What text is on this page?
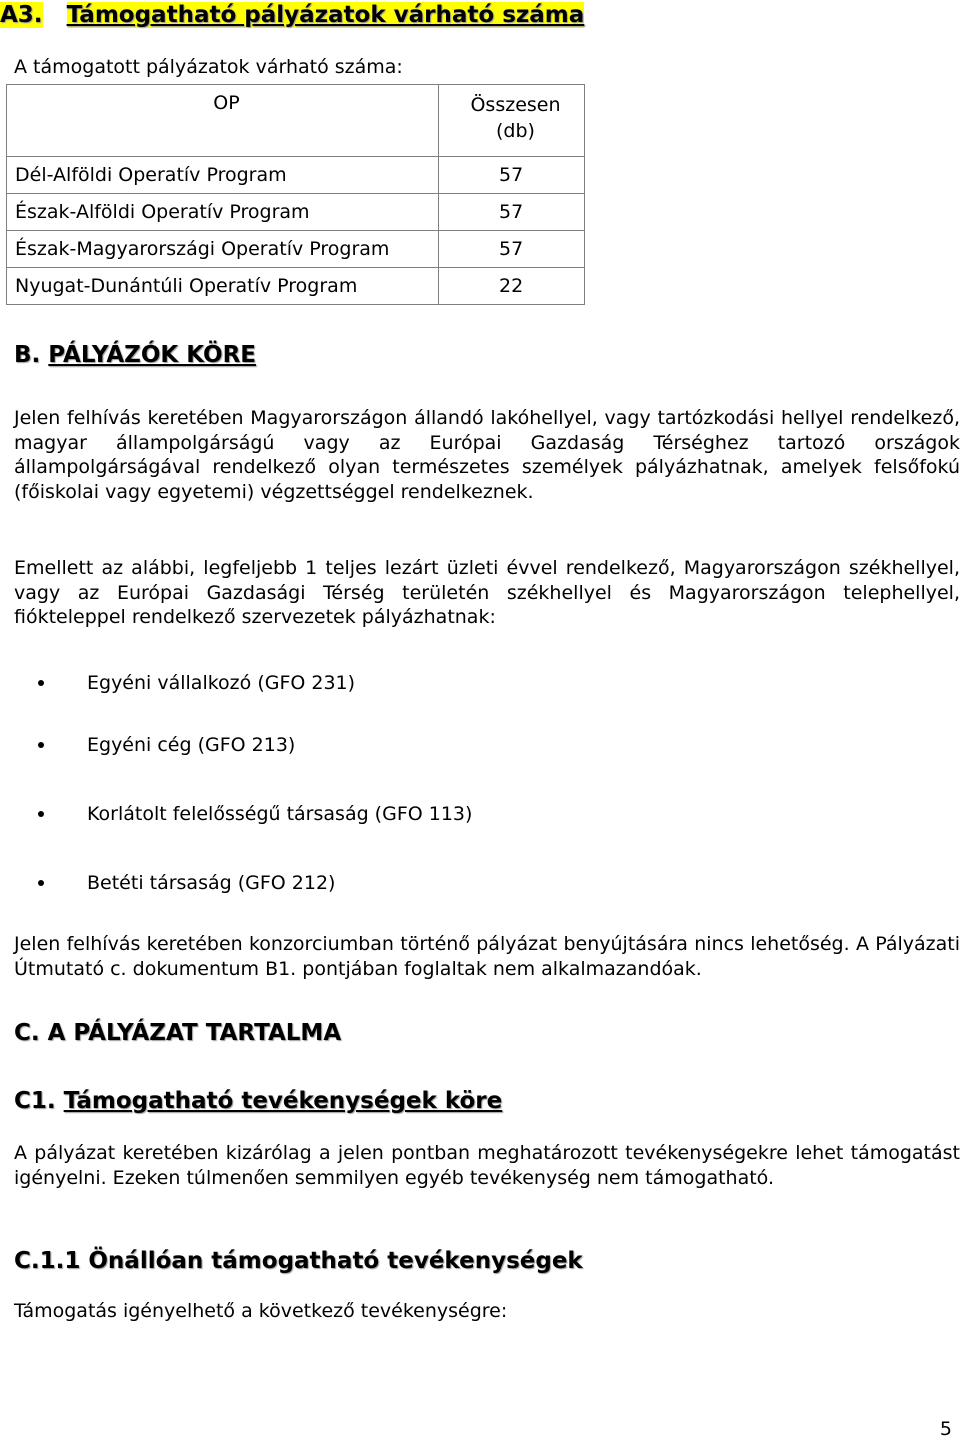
A3. Támogatható pályázatok várható száma
A támogatott pályázatok várható száma:
OP	Összesen
(db)

Dél-Alföldi Operatív Program	57
Észak-Alföldi Operatív Program	57
Észak-Magyarországi Operatív Program	57
Nyugat-Dunántúli Operatív Program	22
B. PÁLYÁZÓK KÖRE

Jelen felhívás keretében Magyarországon állandó lakóhellyel, vagy tartózkodási hellyel rendelkező, magyar állampolgárságú vagy az Európai Gazdaság Térséghez tartozó országok állampolgárságával rendelkező olyan természetes személyek pályázhatnak, amelyek felsőfokú (főiskolai vagy egyetemi) végzettséggel rendelkeznek.

Emellett az alábbi, legfeljebb 1 teljes lezárt üzleti évvel rendelkező, Magyarországon székhellyel, vagy az Európai Gazdasági Térség területén székhellyel és Magyarországon telephellyel, fiókteleppel rendelkező szervezetek pályázhatnak:

Egyéni vállalkozó (GFO 231)
Egyéni cég (GFO 213)
Korlátolt felelősségű társaság (GFO 113)
Betéti társaság (GFO 212)

Jelen felhívás keretében konzorciumban történő pályázat benyújtására nincs lehetőség. A Pályázati Útmutató c. dokumentum B1. pontjában foglaltak nem alkalmazandóak.

C. A PÁLYÁZAT TARTALMA
C1. Támogatható tevékenységek köre

A pályázat keretében kizárólag a jelen pontban meghatározott tevékenységekre lehet támogatást igényelni. Ezeken túlmenően semmilyen egyéb tevékenység nem támogatható.

C.1.1 Önállóan támogatható tevékenységek
Támogatás igényelhető a következő tevékenységre:
5
